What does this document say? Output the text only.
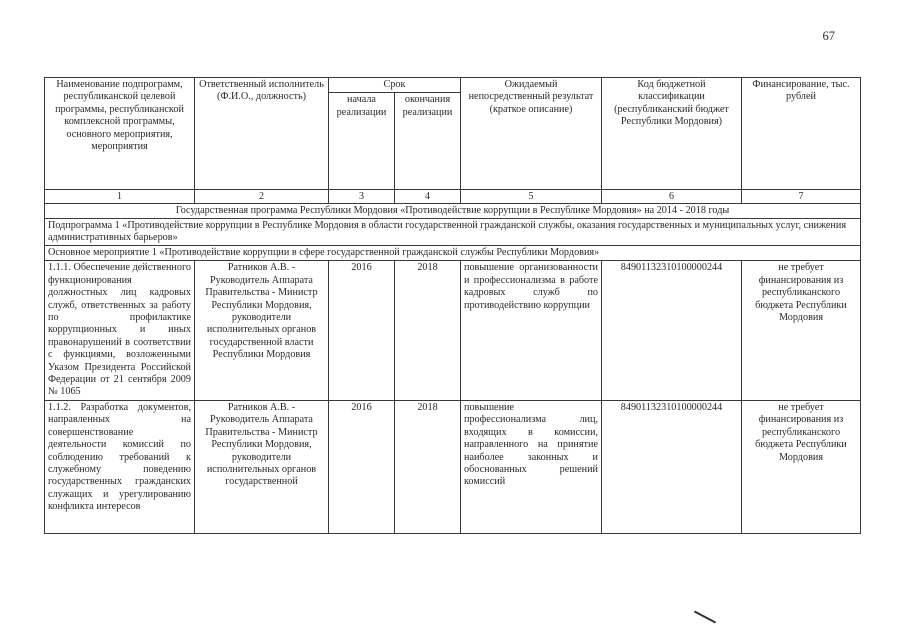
67
Наименование подпрограмм, республиканской целевой программы, республиканской комплексной программы, основного мероприятия, мероприятия	Ответственный исполнитель (Ф.И.О., должность)	Срок		Ожидаемый непосредственный результат (краткое описание)	Код бюджетной классификации (республиканский бюджет Республики Мордовия)	Финансирование, тыс. рублей
		начала реализации	окончания реализации			
1	2	3	4	5	6	7
Государственная программа Республики Мордовия «Противодействие коррупции в Республике Мордовия» на 2014 - 2018 годы						
Подпрограмма 1 «Противодействие коррупции в Республике Мордовия в области государственной гражданской службы, оказания государственных и муниципальных услуг, снижения административных барьеров»						
Основное мероприятие 1 «Противодействие коррупции в сфере государственной гражданской службы Республики Мордовия»						
1.1.1. Обеспечение действенного функционирования должностных лиц кадровых служб, ответственных за работу по профилактике коррупционных и иных правонарушений в соответствии с функциями, возложенными Указом Президента Российской Федерации от 21 сентября 2009 № 1065	Ратников А.В. - Руководитель Аппарата Правительства - Министр Республики Мордовия, руководители исполнительных органов государственной власти Республики Мордовия	2016	2018	повышение организованности и профессионализма в работе кадровых служб по противодействию коррупции	84901132310100000244	не требует финансирования из республиканского бюджета Республики Мордовия
1.1.2. Разработка документов, направленных на совершенствование деятельности комиссий по соблюдению требований к служебному поведению государственных гражданских служащих и урегулированию конфликта интересов	Ратников А.В. - Руководитель Аппарата Правительства - Министр Республики Мордовия, руководители исполнительных органов государственной	2016	2018	повышение профессионализма лиц, входящих в комиссии, направленного на принятие наиболее законных и обоснованных решений комиссий	84901132310100000244	не требует финансирования из республиканского бюджета Республики Мордовия
